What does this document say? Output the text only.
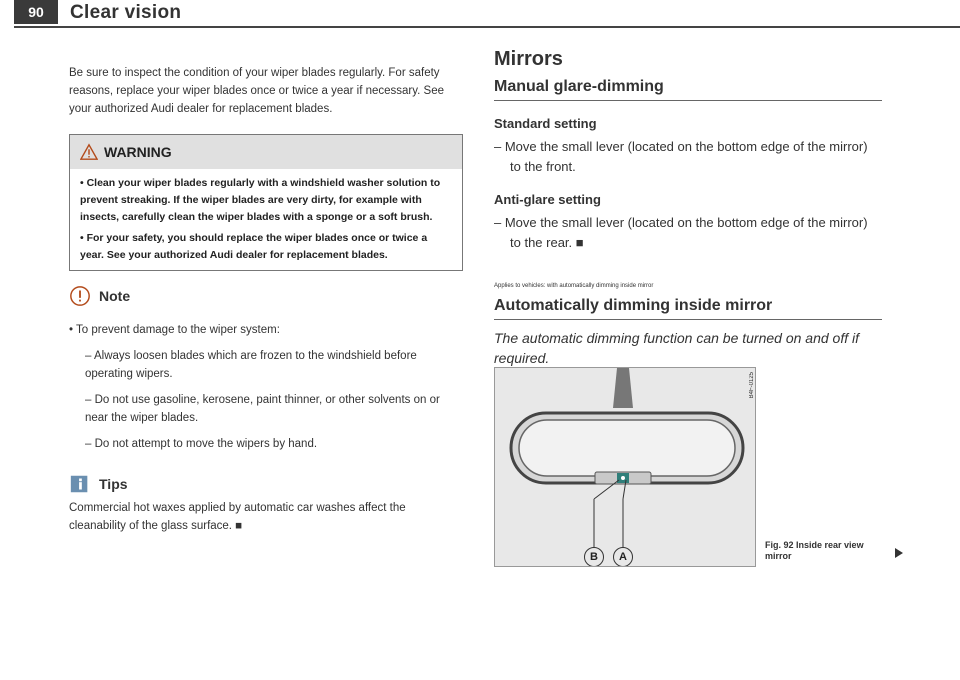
90	Clear vision

Be sure to inspect the condition of your wiper blades regularly. For safety reasons, replace your wiper blades once or twice a year if necessary. See your authorized Audi dealer for replacement blades.

WARNING

• Clean your wiper blades regularly with a windshield washer solution to prevent streaking. If the wiper blades are very dirty, for example with insects, carefully clean the wiper blades with a sponge or a soft brush.

• For your safety, you should replace the wiper blades once or twice a year. See your authorized Audi dealer for replacement blades.

Note

• To prevent damage to the wiper system:

– Always loosen blades which are frozen to the windshield before operating wipers.

– Do not use gasoline, kerosene, paint thinner, or other solvents on or near the wiper blades.

– Do not attempt to move the wipers by hand.

Tips

Commercial hot waxes applied by automatic car washes affect the cleanability of the glass surface. ■

Mirrors
Manual glare-dimming
Standard setting

– Move the small lever (located on the bottom edge of the mirror) to the front.

Anti-glare setting

– Move the small lever (located on the bottom edge of the mirror) to the rear. ■

Applies to vehicles: with automatically dimming inside mirror

Automatically dimming inside mirror

The automatic dimming function can be turned on and off if required.

B	A
B4F-0125
Fig. 92 Inside rear view mirror
